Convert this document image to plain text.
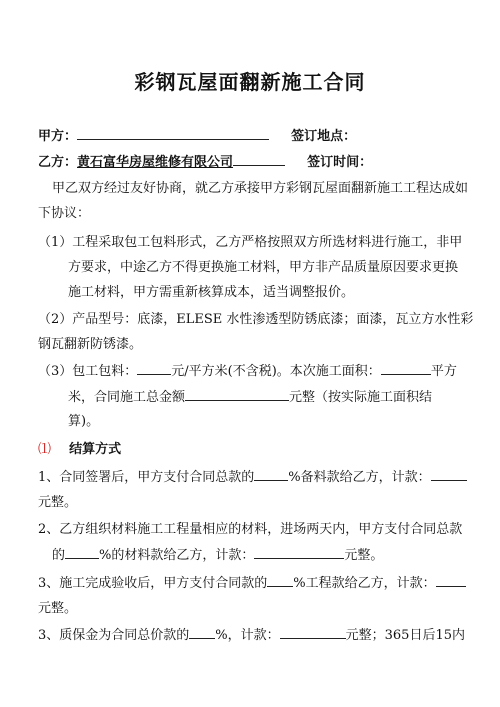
彩钢瓦屋面翻新施工合同
甲方：	签订地点：
乙方：黄石富华房屋维修有限公司	签订时间：
甲乙双方经过友好协商，就乙方承接甲方彩钢瓦屋面翻新施工工程达成如
下协议：
（1）工程采取包工包料形式，乙方严格按照双方所选材料进行施工，非甲
方要求，中途乙方不得更换施工材料，甲方非产品质量原因要求更换
施工材料，甲方需重新核算成本，适当调整报价。
（2）产品型号：底漆，ELESE 水性渗透型防锈底漆；面漆，瓦立方水性彩
钢瓦翻新防锈漆。
（3）包工包料：	元/平方米(不含税)。本次施工面积：	平方
米，合同施工总金额	元整（按实际施工面积结
算)。
⑴ 结算方式
1、合同签署后，甲方支付合同总款的	%备料款给乙方，计款：
元整。
2、乙方组织材料施工工程量相应的材料，进场两天内，甲方支付合同总款
的	%的材料款给乙方，计款：	元整。
3、施工完成验收后，甲方支付合同款的 %工程款给乙方，计款：
元整。
3、质保金为合同总价款的 %，计款：	元整；365日后15内
